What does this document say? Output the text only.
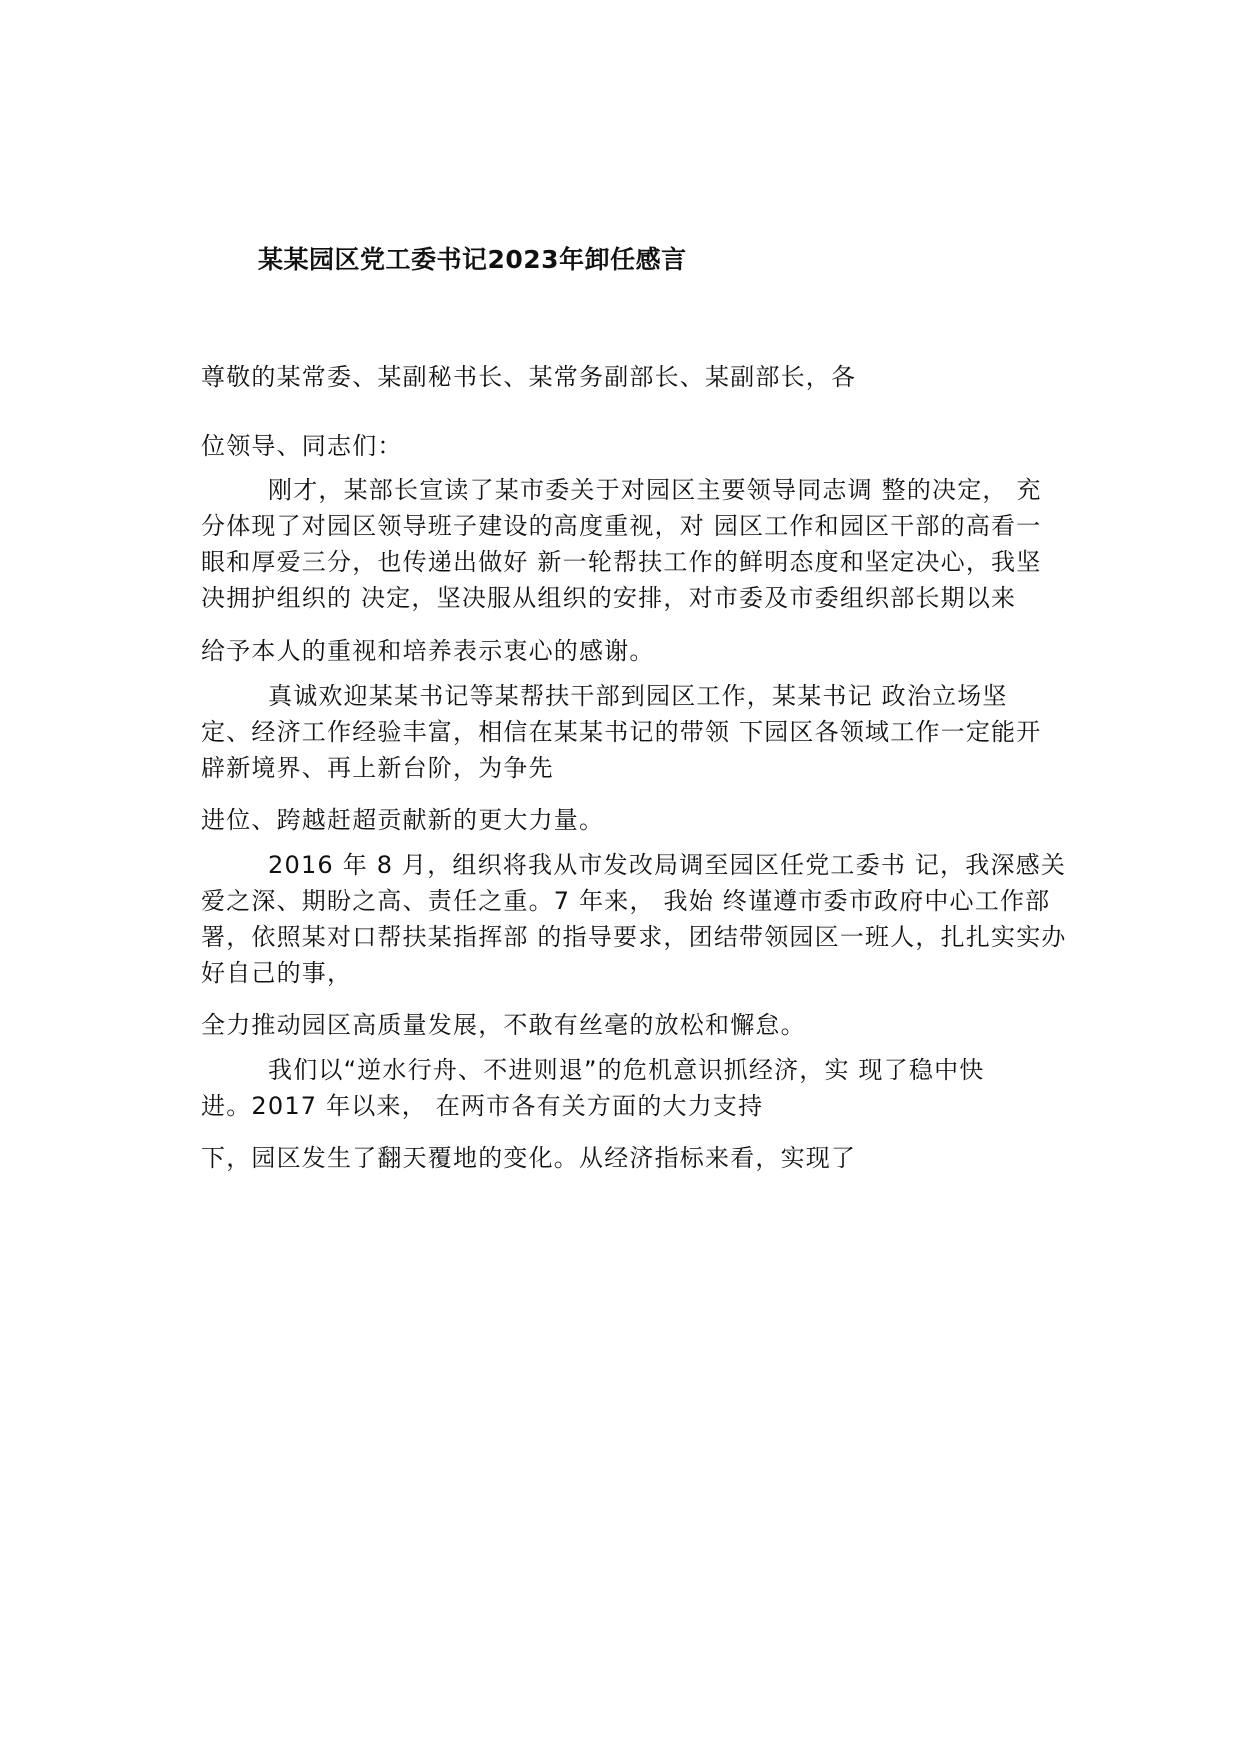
某某园区党工委书记2023年卸任感言
尊敬的某常委、某副秘书长、某常务副部长、某副部长，各
位领导、同志们：
刚才，某部长宣读了某市委关于对园区主要领导同志调 整的决定， 充
分体现了对园区领导班子建设的高度重视，对 园区工作和园区干部的高看一
眼和厚爱三分，也传递出做好 新一轮帮扶工作的鲜明态度和坚定决心，我坚
决拥护组织的 决定，坚决服从组织的安排，对市委及市委组织部长期以来
给予本人的重视和培养表示衷心的感谢。
真诚欢迎某某书记等某帮扶干部到园区工作，某某书记 政治立场坚
定、经济工作经验丰富，相信在某某书记的带领 下园区各领域工作一定能开
辟新境界、再上新台阶，为争先
进位、跨越赶超贡献新的更大力量。
2016 年 8 月，组织将我从市发改局调至园区任党工委书 记，我深感关
爱之深、期盼之高、责任之重。7 年来， 我始 终谨遵市委市政府中心工作部
署，依照某对口帮扶某指挥部 的指导要求，团结带领园区一班人，扎扎实实办
好自己的事，
全力推动园区高质量发展，不敢有丝毫的放松和懈怠。
我们以“逆水行舟、不进则退”的危机意识抓经济，实 现了稳中快
进。2017 年以来， 在两市各有关方面的大力支持
下，园区发生了翻天覆地的变化。从经济指标来看，实现了
